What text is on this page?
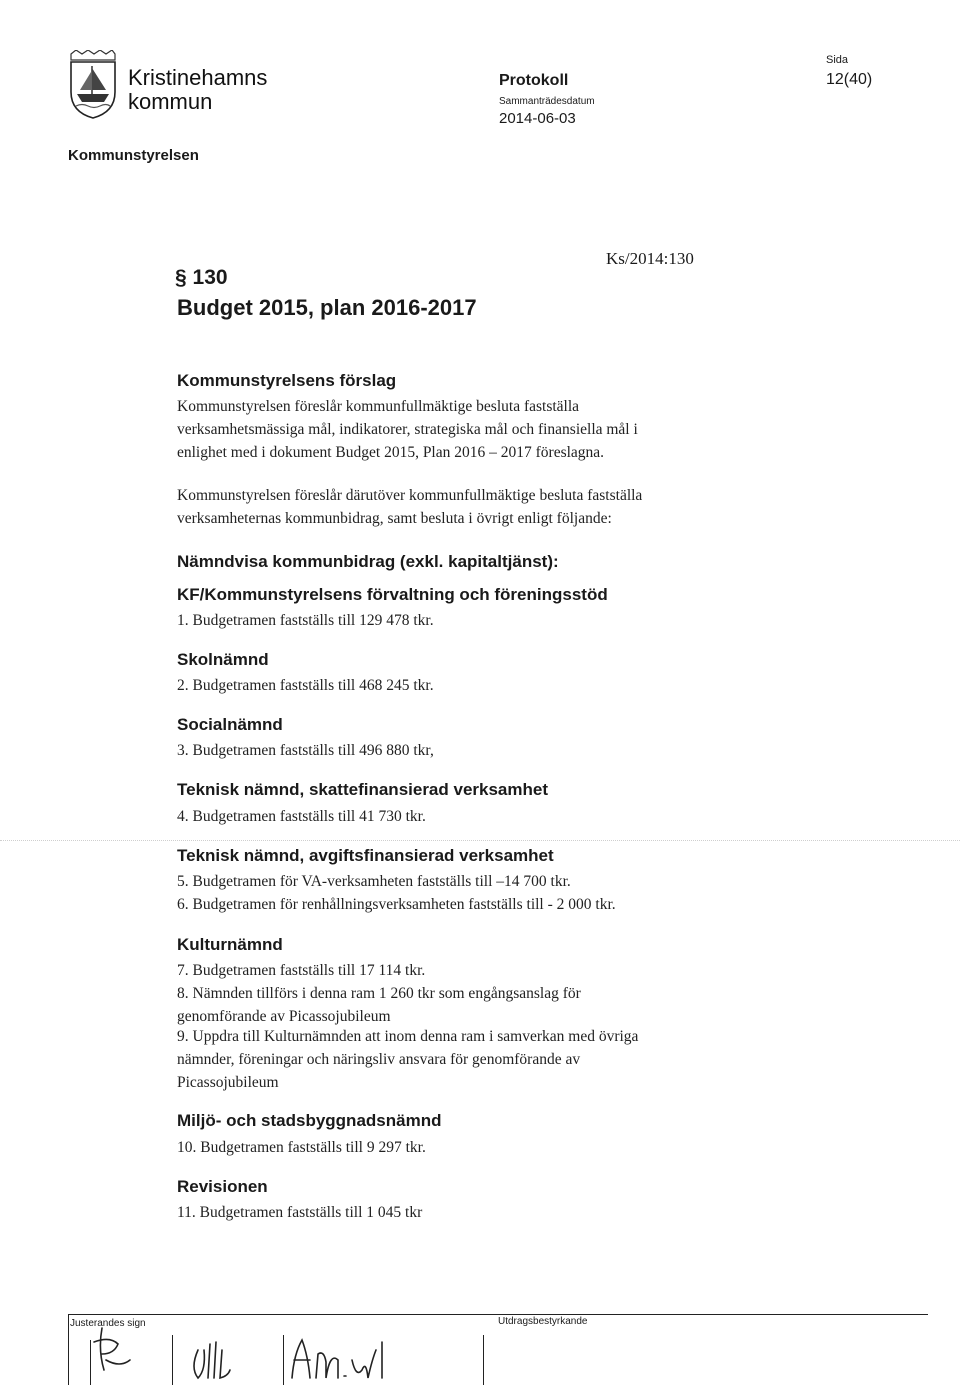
Kristinehamns
kommun
Protokoll
Sammanträdesdatum
2014-06-03
Sida
12(40)
Kommunstyrelsen
§ 130
Budget 2015, plan 2016-2017
Ks/2014:130
Kommunstyrelsens förslag
Kommunstyrelsen föreslår kommunfullmäktige besluta fastställa
verksamhetsmässiga mål, indikatorer, strategiska mål och finansiella mål i
enlighet med i dokument Budget 2015, Plan 2016 – 2017 föreslagna.
Kommunstyrelsen föreslår därutöver kommunfullmäktige besluta fastställa
verksamheternas kommunbidrag, samt besluta i övrigt enligt följande:
Nämndvisa kommunbidrag (exkl. kapitaltjänst):
KF/Kommunstyrelsens förvaltning och föreningsstöd
1. Budgetramen fastställs till 129 478 tkr.
Skolnämnd
2. Budgetramen fastställs till 468 245 tkr.
Socialnämnd
3. Budgetramen fastställs till 496 880 tkr,
Teknisk nämnd, skattefinansierad verksamhet
4. Budgetramen fastställs till 41 730 tkr.
Teknisk nämnd, avgiftsfinansierad verksamhet
5. Budgetramen för VA-verksamheten fastställs till –14 700 tkr.
6. Budgetramen för renhållningsverksamheten fastställs till - 2 000 tkr.
Kulturnämnd
7. Budgetramen fastställs till 17 114 tkr.
8. Nämnden tillförs i denna ram 1 260 tkr som engångsanslag för
genomförande av Picassojubileum
9. Uppdra till Kulturnämnden att inom denna ram i samverkan med övriga
nämnder, föreningar och näringsliv ansvara för genomförande av
Picassojubileum
Miljö- och stadsbyggnadsnämnd
10. Budgetramen fastställs till 9 297 tkr.
Revisionen
11. Budgetramen fastställs till 1 045 tkr
Justerandes sign	Utdragsbestyrkande
